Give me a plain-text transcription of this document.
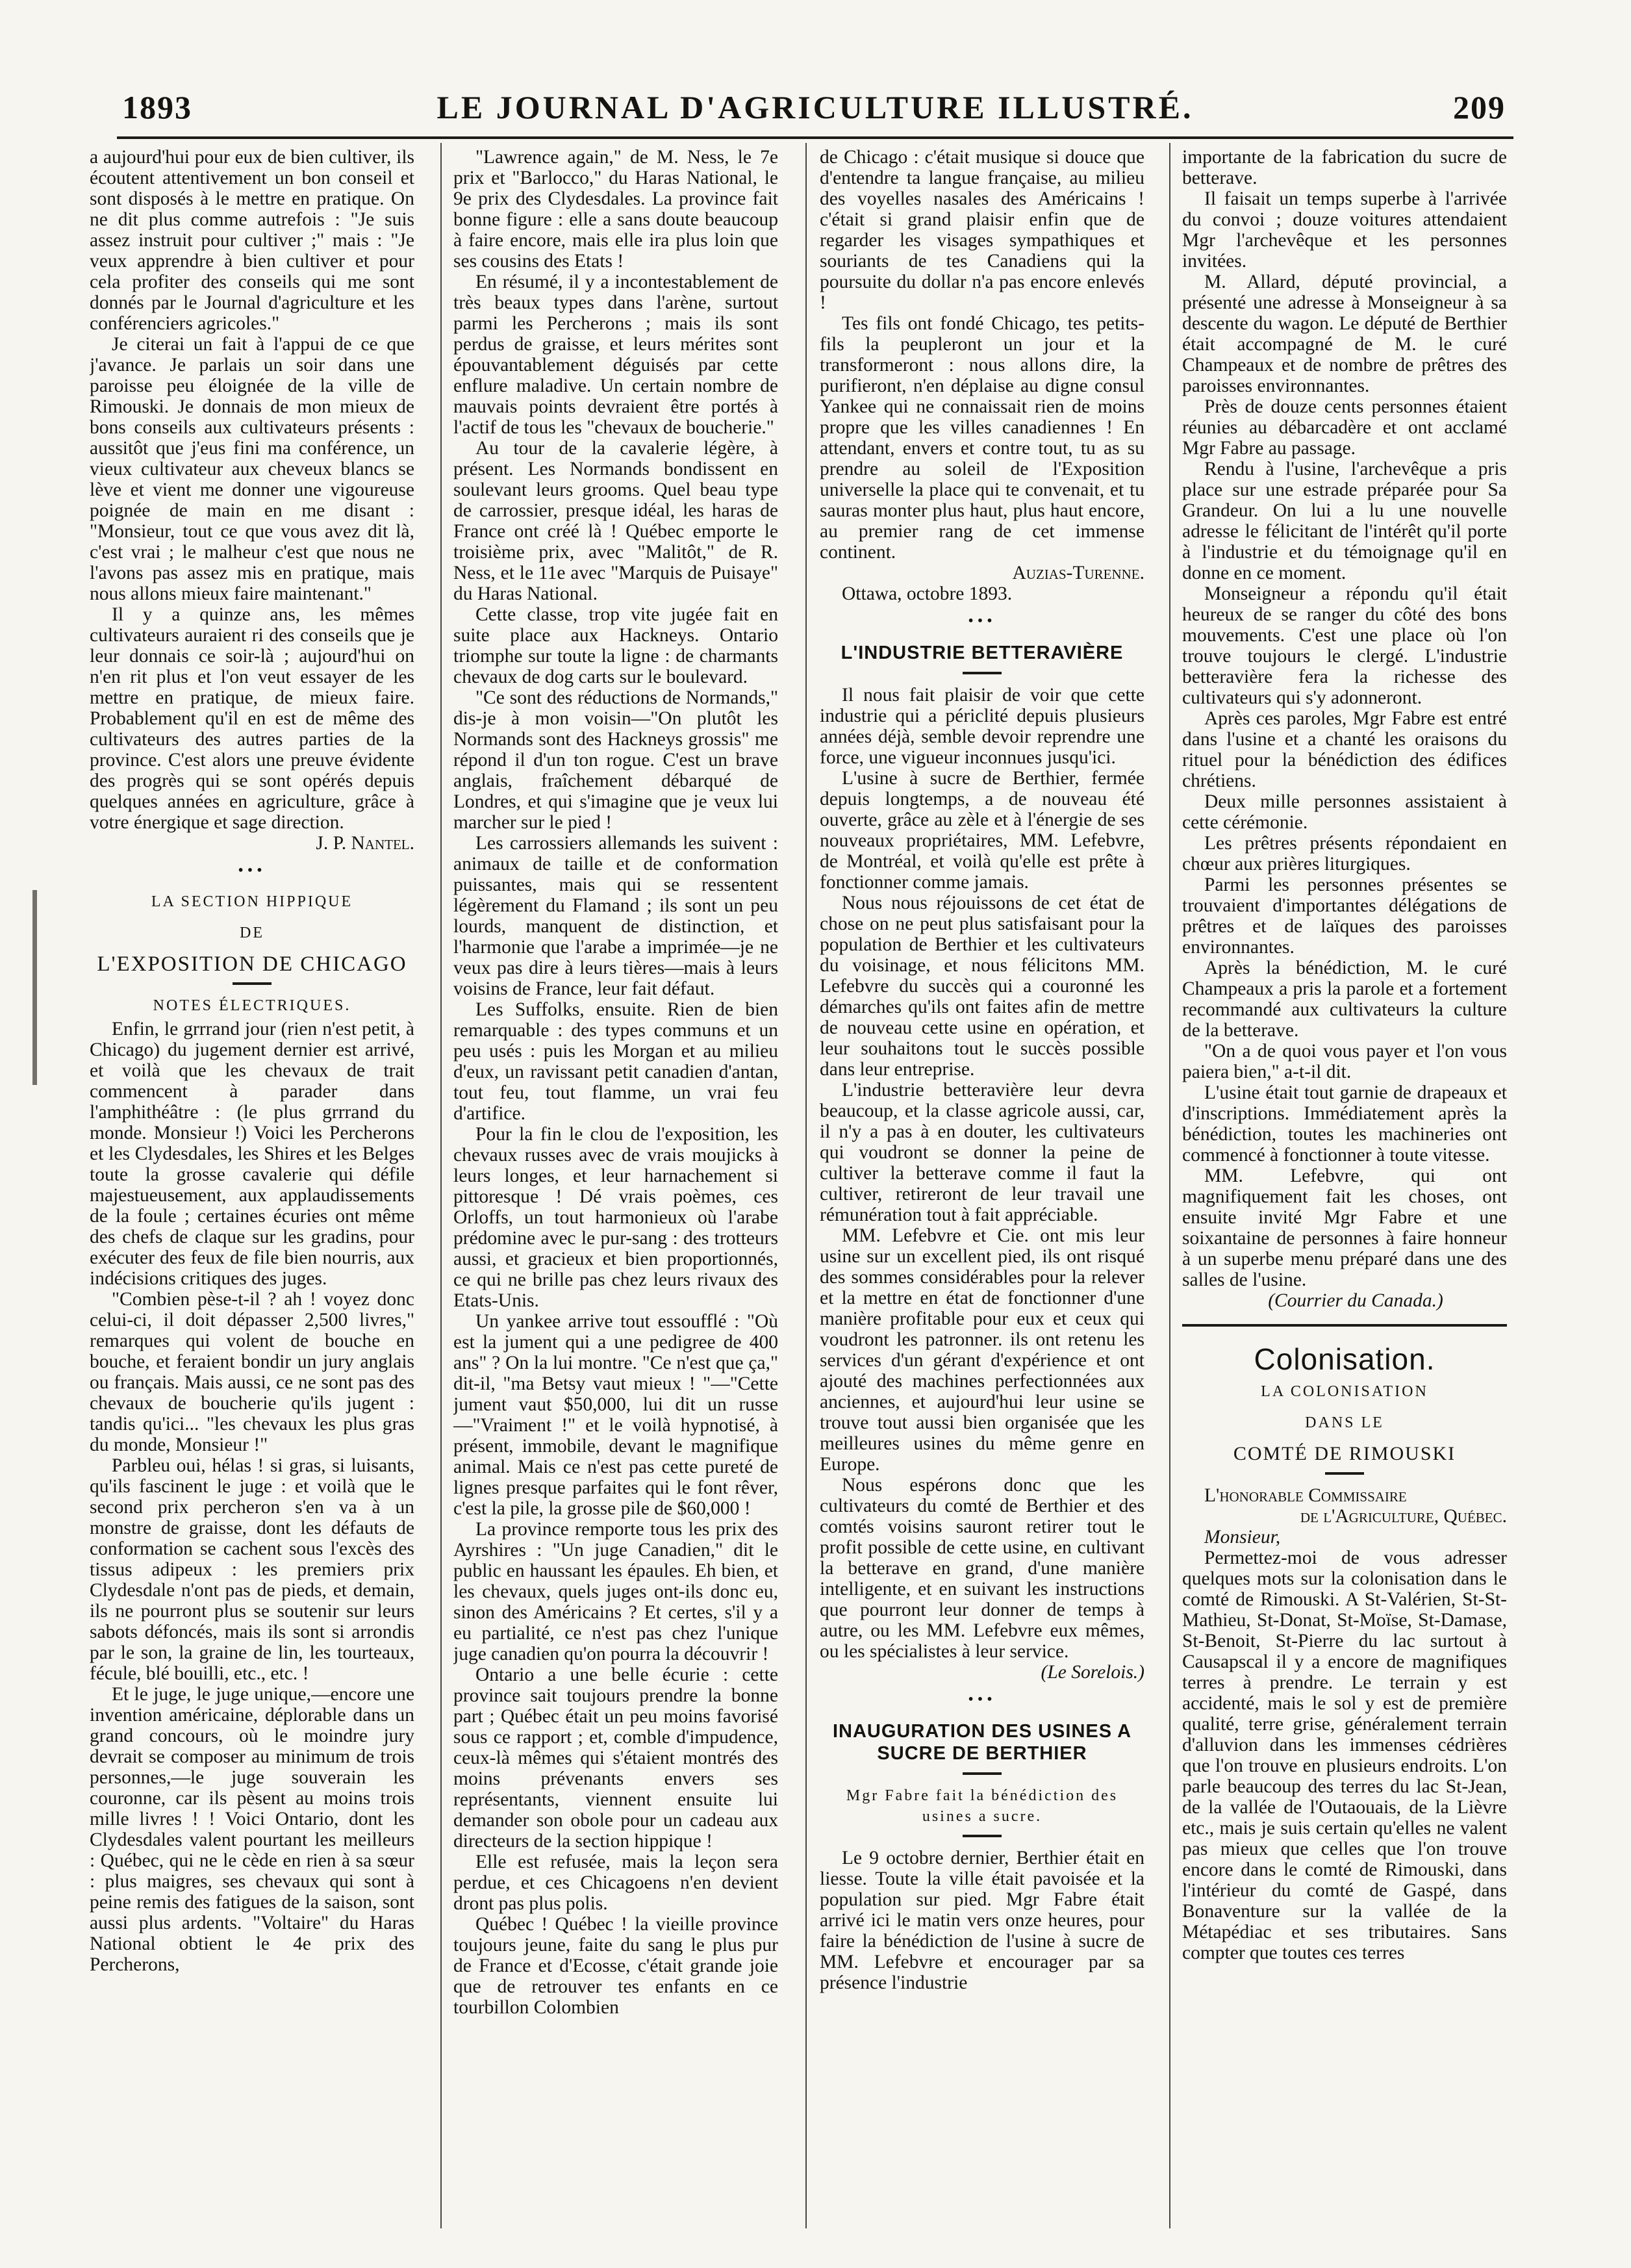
1893	LE JOURNAL D'AGRICULTURE ILLUSTRÉ.	209

a aujourd'hui pour eux de bien cultiver, ils écoutent attentivement un bon conseil et sont disposés à le mettre en pratique. On ne dit plus comme autrefois : "Je suis assez instruit pour cultiver ;" mais : "Je veux apprendre à bien cultiver et pour cela profiter des conseils qui me sont donnés par le Journal d'agriculture et les conférenciers agricoles."

Je citerai un fait à l'appui de ce que j'avance. Je parlais un soir dans une paroisse peu éloignée de la ville de Rimouski. Je donnais de mon mieux de bons conseils aux cultivateurs présents : aussitôt que j'eus fini ma conférence, un vieux cultivateur aux cheveux blancs se lève et vient me donner une vigoureuse poignée de main en me disant : "Monsieur, tout ce que vous avez dit là, c'est vrai ; le malheur c'est que nous ne l'avons pas assez mis en pratique, mais nous allons mieux faire maintenant."

Il y a quinze ans, les mêmes cultivateurs auraient ri des conseils que je leur donnais ce soir-là ; aujourd'hui on n'en rit plus et l'on veut essayer de les mettre en pratique, de mieux faire. Probablement qu'il en est de même des cultivateurs des autres parties de la province. C'est alors une preuve évidente des progrès qui se sont opérés depuis quelques années en agriculture, grâce à votre énergique et sage direction.

J. P. Nantel.

•••
LA SECTION HIPPIQUE
DE
L'EXPOSITION DE CHICAGO
NOTES ÉLECTRIQUES.

Enfin, le grrrand jour (rien n'est petit, à Chicago) du jugement dernier est arrivé, et voilà que les chevaux de trait commencent à parader dans l'amphithéâtre : (le plus grrrand du monde. Monsieur !) Voici les Percherons et les Clydesdales, les Shires et les Belges toute la grosse cavalerie qui défile majestueusement, aux applaudissements de la foule ; certaines écuries ont même des chefs de claque sur les gradins, pour exécuter des feux de file bien nourris, aux indécisions critiques des juges.

"Combien pèse-t-il ? ah ! voyez donc celui-ci, il doit dépasser 2,500 livres," remarques qui volent de bouche en bouche, et feraient bondir un jury anglais ou français. Mais aussi, ce ne sont pas des chevaux de boucherie qu'ils jugent : tandis qu'ici... "les chevaux les plus gras du monde, Monsieur !"

Parbleu oui, hélas ! si gras, si luisants, qu'ils fascinent le juge : et voilà que le second prix percheron s'en va à un monstre de graisse, dont les défauts de conformation se cachent sous l'excès des tissus adipeux : les premiers prix Clydesdale n'ont pas de pieds, et demain, ils ne pourront plus se soutenir sur leurs sabots défoncés, mais ils sont si arrondis par le son, la graine de lin, les tourteaux, fécule, blé bouilli, etc., etc. !

Et le juge, le juge unique,—encore une invention américaine, déplorable dans un grand concours, où le moindre jury devrait se composer au minimum de trois personnes,—le juge souverain les couronne, car ils pèsent au moins trois mille livres ! ! Voici Ontario, dont les Clydesdales valent pourtant les meilleurs : Québec, qui ne le cède en rien à sa sœur : plus maigres, ses chevaux qui sont à peine remis des fatigues de la saison, sont aussi plus ardents. "Voltaire" du Haras National obtient le 4e prix des Percherons,

"Lawrence again," de M. Ness, le 7e prix et "Barlocco," du Haras National, le 9e prix des Clydesdales. La province fait bonne figure : elle a sans doute beaucoup à faire encore, mais elle ira plus loin que ses cousins des Etats !

En résumé, il y a incontestablement de très beaux types dans l'arène, surtout parmi les Percherons ; mais ils sont perdus de graisse, et leurs mérites sont épouvantablement déguisés par cette enflure maladive. Un certain nombre de mauvais points devraient être portés à l'actif de tous les "chevaux de boucherie."

Au tour de la cavalerie légère, à présent. Les Normands bondissent en soulevant leurs grooms. Quel beau type de carrossier, presque idéal, les haras de France ont créé là ! Québec emporte le troisième prix, avec "Malitôt," de R. Ness, et le 11e avec "Marquis de Puisaye" du Haras National.

Cette classe, trop vite jugée fait en suite place aux Hackneys. Ontario triomphe sur toute la ligne : de charmants chevaux de dog carts sur le boulevard.

"Ce sont des réductions de Normands," dis-je à mon voisin—"On plutôt les Normands sont des Hackneys grossis" me répond il d'un ton rogue. C'est un brave anglais, fraîchement débarqué de Londres, et qui s'imagine que je veux lui marcher sur le pied !

Les carrossiers allemands les suivent : animaux de taille et de conformation puissantes, mais qui se ressentent légèrement du Flamand ; ils sont un peu lourds, manquent de distinction, et l'harmonie que l'arabe a imprimée—je ne veux pas dire à leurs tières—mais à leurs voisins de France, leur fait défaut.

Les Suffolks, ensuite. Rien de bien remarquable : des types communs et un peu usés : puis les Morgan et au milieu d'eux, un ravissant petit canadien d'antan, tout feu, tout flamme, un vrai feu d'artifice.

Pour la fin le clou de l'exposition, les chevaux russes avec de vrais moujicks à leurs longes, et leur harnachement si pittoresque ! Dé vrais poèmes, ces Orloffs, un tout harmonieux où l'arabe prédomine avec le pur-sang : des trotteurs aussi, et gracieux et bien proportionnés, ce qui ne brille pas chez leurs rivaux des Etats-Unis.

Un yankee arrive tout essoufflé : "Où est la jument qui a une pedigree de 400 ans" ? On la lui montre. "Ce n'est que ça," dit-il, "ma Betsy vaut mieux ! "—"Cette jument vaut $50,000, lui dit un russe—"Vraiment !" et le voilà hypnotisé, à présent, immobile, devant le magnifique animal. Mais ce n'est pas cette pureté de lignes presque parfaites qui le font rêver, c'est la pile, la grosse pile de $60,000 !

La province remporte tous les prix des Ayrshires : "Un juge Canadien," dit le public en haussant les épaules. Eh bien, et les chevaux, quels juges ont-ils donc eu, sinon des Américains ? Et certes, s'il y a eu partialité, ce n'est pas chez l'unique juge canadien qu'on pourra la découvrir !

Ontario a une belle écurie : cette province sait toujours prendre la bonne part ; Québec était un peu moins favorisé sous ce rapport ; et, comble d'impudence, ceux-là mêmes qui s'étaient montrés des moins prévenants envers ses représentants, viennent ensuite lui demander son obole pour un cadeau aux directeurs de la section hippique !

Elle est refusée, mais la leçon sera perdue, et ces Chicagoens n'en devient dront pas plus polis.

Québec ! Québec ! la vieille province toujours jeune, faite du sang le plus pur de France et d'Ecosse, c'était grande joie que de retrouver tes enfants en ce tourbillon Colombien

de Chicago : c'était musique si douce que d'entendre ta langue française, au milieu des voyelles nasales des Américains ! c'était si grand plaisir enfin que de regarder les visages sympathiques et souriants de tes Canadiens qui la poursuite du dollar n'a pas encore enlevés !

Tes fils ont fondé Chicago, tes petits-fils la peupleront un jour et la transformeront : nous allons dire, la purifieront, n'en déplaise au digne consul Yankee qui ne connaissait rien de moins propre que les villes canadiennes ! En attendant, envers et contre tout, tu as su prendre au soleil de l'Exposition universelle la place qui te convenait, et tu sauras monter plus haut, plus haut encore, au premier rang de cet immense continent.

Auzias-Turenne.

Ottawa, octobre 1893.

•••
L'INDUSTRIE BETTERAVIÈRE

Il nous fait plaisir de voir que cette industrie qui a périclité depuis plusieurs années déjà, semble devoir reprendre une force, une vigueur inconnues jusqu'ici.

L'usine à sucre de Berthier, fermée depuis longtemps, a de nouveau été ouverte, grâce au zèle et à l'énergie de ses nouveaux propriétaires, MM. Lefebvre, de Montréal, et voilà qu'elle est prête à fonctionner comme jamais.

Nous nous réjouissons de cet état de chose on ne peut plus satisfaisant pour la population de Berthier et les cultivateurs du voisinage, et nous félicitons MM. Lefebvre du succès qui a couronné les démarches qu'ils ont faites afin de mettre de nouveau cette usine en opération, et leur souhaitons tout le succès possible dans leur entreprise.

L'industrie betteravière leur devra beaucoup, et la classe agricole aussi, car, il n'y a pas à en douter, les cultivateurs qui voudront se donner la peine de cultiver la betterave comme il faut la cultiver, retireront de leur travail une rémunération tout à fait appréciable.

MM. Lefebvre et Cie. ont mis leur usine sur un excellent pied, ils ont risqué des sommes considérables pour la relever et la mettre en état de fonctionner d'une manière profitable pour eux et ceux qui voudront les patronner. ils ont retenu les services d'un gérant d'expérience et ont ajouté des machines perfectionnées aux anciennes, et aujourd'hui leur usine se trouve tout aussi bien organisée que les meilleures usines du même genre en Europe.

Nous espérons donc que les cultivateurs du comté de Berthier et des comtés voisins sauront retirer tout le profit possible de cette usine, en cultivant la betterave en grand, d'une manière intelligente, et en suivant les instructions que pourront leur donner de temps à autre, ou les MM. Lefebvre eux mêmes, ou les spécialistes à leur service.

(Le Sorelois.)

•••
INAUGURATION DES USINES A SUCRE DE BERTHIER
Mgr Fabre fait la bénédiction des usines a sucre.

Le 9 octobre dernier, Berthier était en liesse. Toute la ville était pavoisée et la population sur pied. Mgr Fabre était arrivé ici le matin vers onze heures, pour faire la bénédiction de l'usine à sucre de MM. Lefebvre et encourager par sa présence l'industrie

importante de la fabrication du sucre de betterave.

Il faisait un temps superbe à l'arrivée du convoi ; douze voitures attendaient Mgr l'archevêque et les personnes invitées.

M. Allard, député provincial, a présenté une adresse à Monseigneur à sa descente du wagon. Le député de Berthier était accompagné de M. le curé Champeaux et de nombre de prêtres des paroisses environnantes.

Près de douze cents personnes étaient réunies au débarcadère et ont acclamé Mgr Fabre au passage.

Rendu à l'usine, l'archevêque a pris place sur une estrade préparée pour Sa Grandeur. On lui a lu une nouvelle adresse le félicitant de l'intérêt qu'il porte à l'industrie et du témoignage qu'il en donne en ce moment.

Monseigneur a répondu qu'il était heureux de se ranger du côté des bons mouvements. C'est une place où l'on trouve toujours le clergé. L'industrie betteravière fera la richesse des cultivateurs qui s'y adonneront.

Après ces paroles, Mgr Fabre est entré dans l'usine et a chanté les oraisons du rituel pour la bénédiction des édifices chrétiens.

Deux mille personnes assistaient à cette cérémonie.

Les prêtres présents répondaient en chœur aux prières liturgiques.

Parmi les personnes présentes se trouvaient d'importantes délégations de prêtres et de laïques des paroisses environnantes.

Après la bénédiction, M. le curé Champeaux a pris la parole et a fortement recommandé aux cultivateurs la culture de la betterave.

"On a de quoi vous payer et l'on vous paiera bien," a-t-il dit.

L'usine était tout garnie de drapeaux et d'inscriptions. Immédiatement après la bénédiction, toutes les machineries ont commencé à fonctionner à toute vitesse.

MM. Lefebvre, qui ont magnifiquement fait les choses, ont ensuite invité Mgr Fabre et une soixantaine de personnes à faire honneur à un superbe menu préparé dans une des salles de l'usine.

(Courrier du Canada.)

Colonisation.
LA COLONISATION
DANS LE
COMTÉ DE RIMOUSKI

L'honorable Commissaire

de l'Agriculture, Québec.

Monsieur,

Permettez-moi de vous adresser quelques mots sur la colonisation dans le comté de Rimouski. A St-Valérien, St-St-Mathieu, St-Donat, St-Moïse, St-Damase, St-Benoit, St-Pierre du lac surtout à Causapscal il y a encore de magnifiques terres à prendre. Le terrain y est accidenté, mais le sol y est de première qualité, terre grise, généralement terrain d'alluvion dans les immenses cédrières que l'on trouve en plusieurs endroits. L'on parle beaucoup des terres du lac St-Jean, de la vallée de l'Outaouais, de la Lièvre etc., mais je suis certain qu'elles ne valent pas mieux que celles que l'on trouve encore dans le comté de Rimouski, dans l'intérieur du comté de Gaspé, dans Bonaventure sur la vallée de la Métapédiac et ses tributaires. Sans compter que toutes ces terres
